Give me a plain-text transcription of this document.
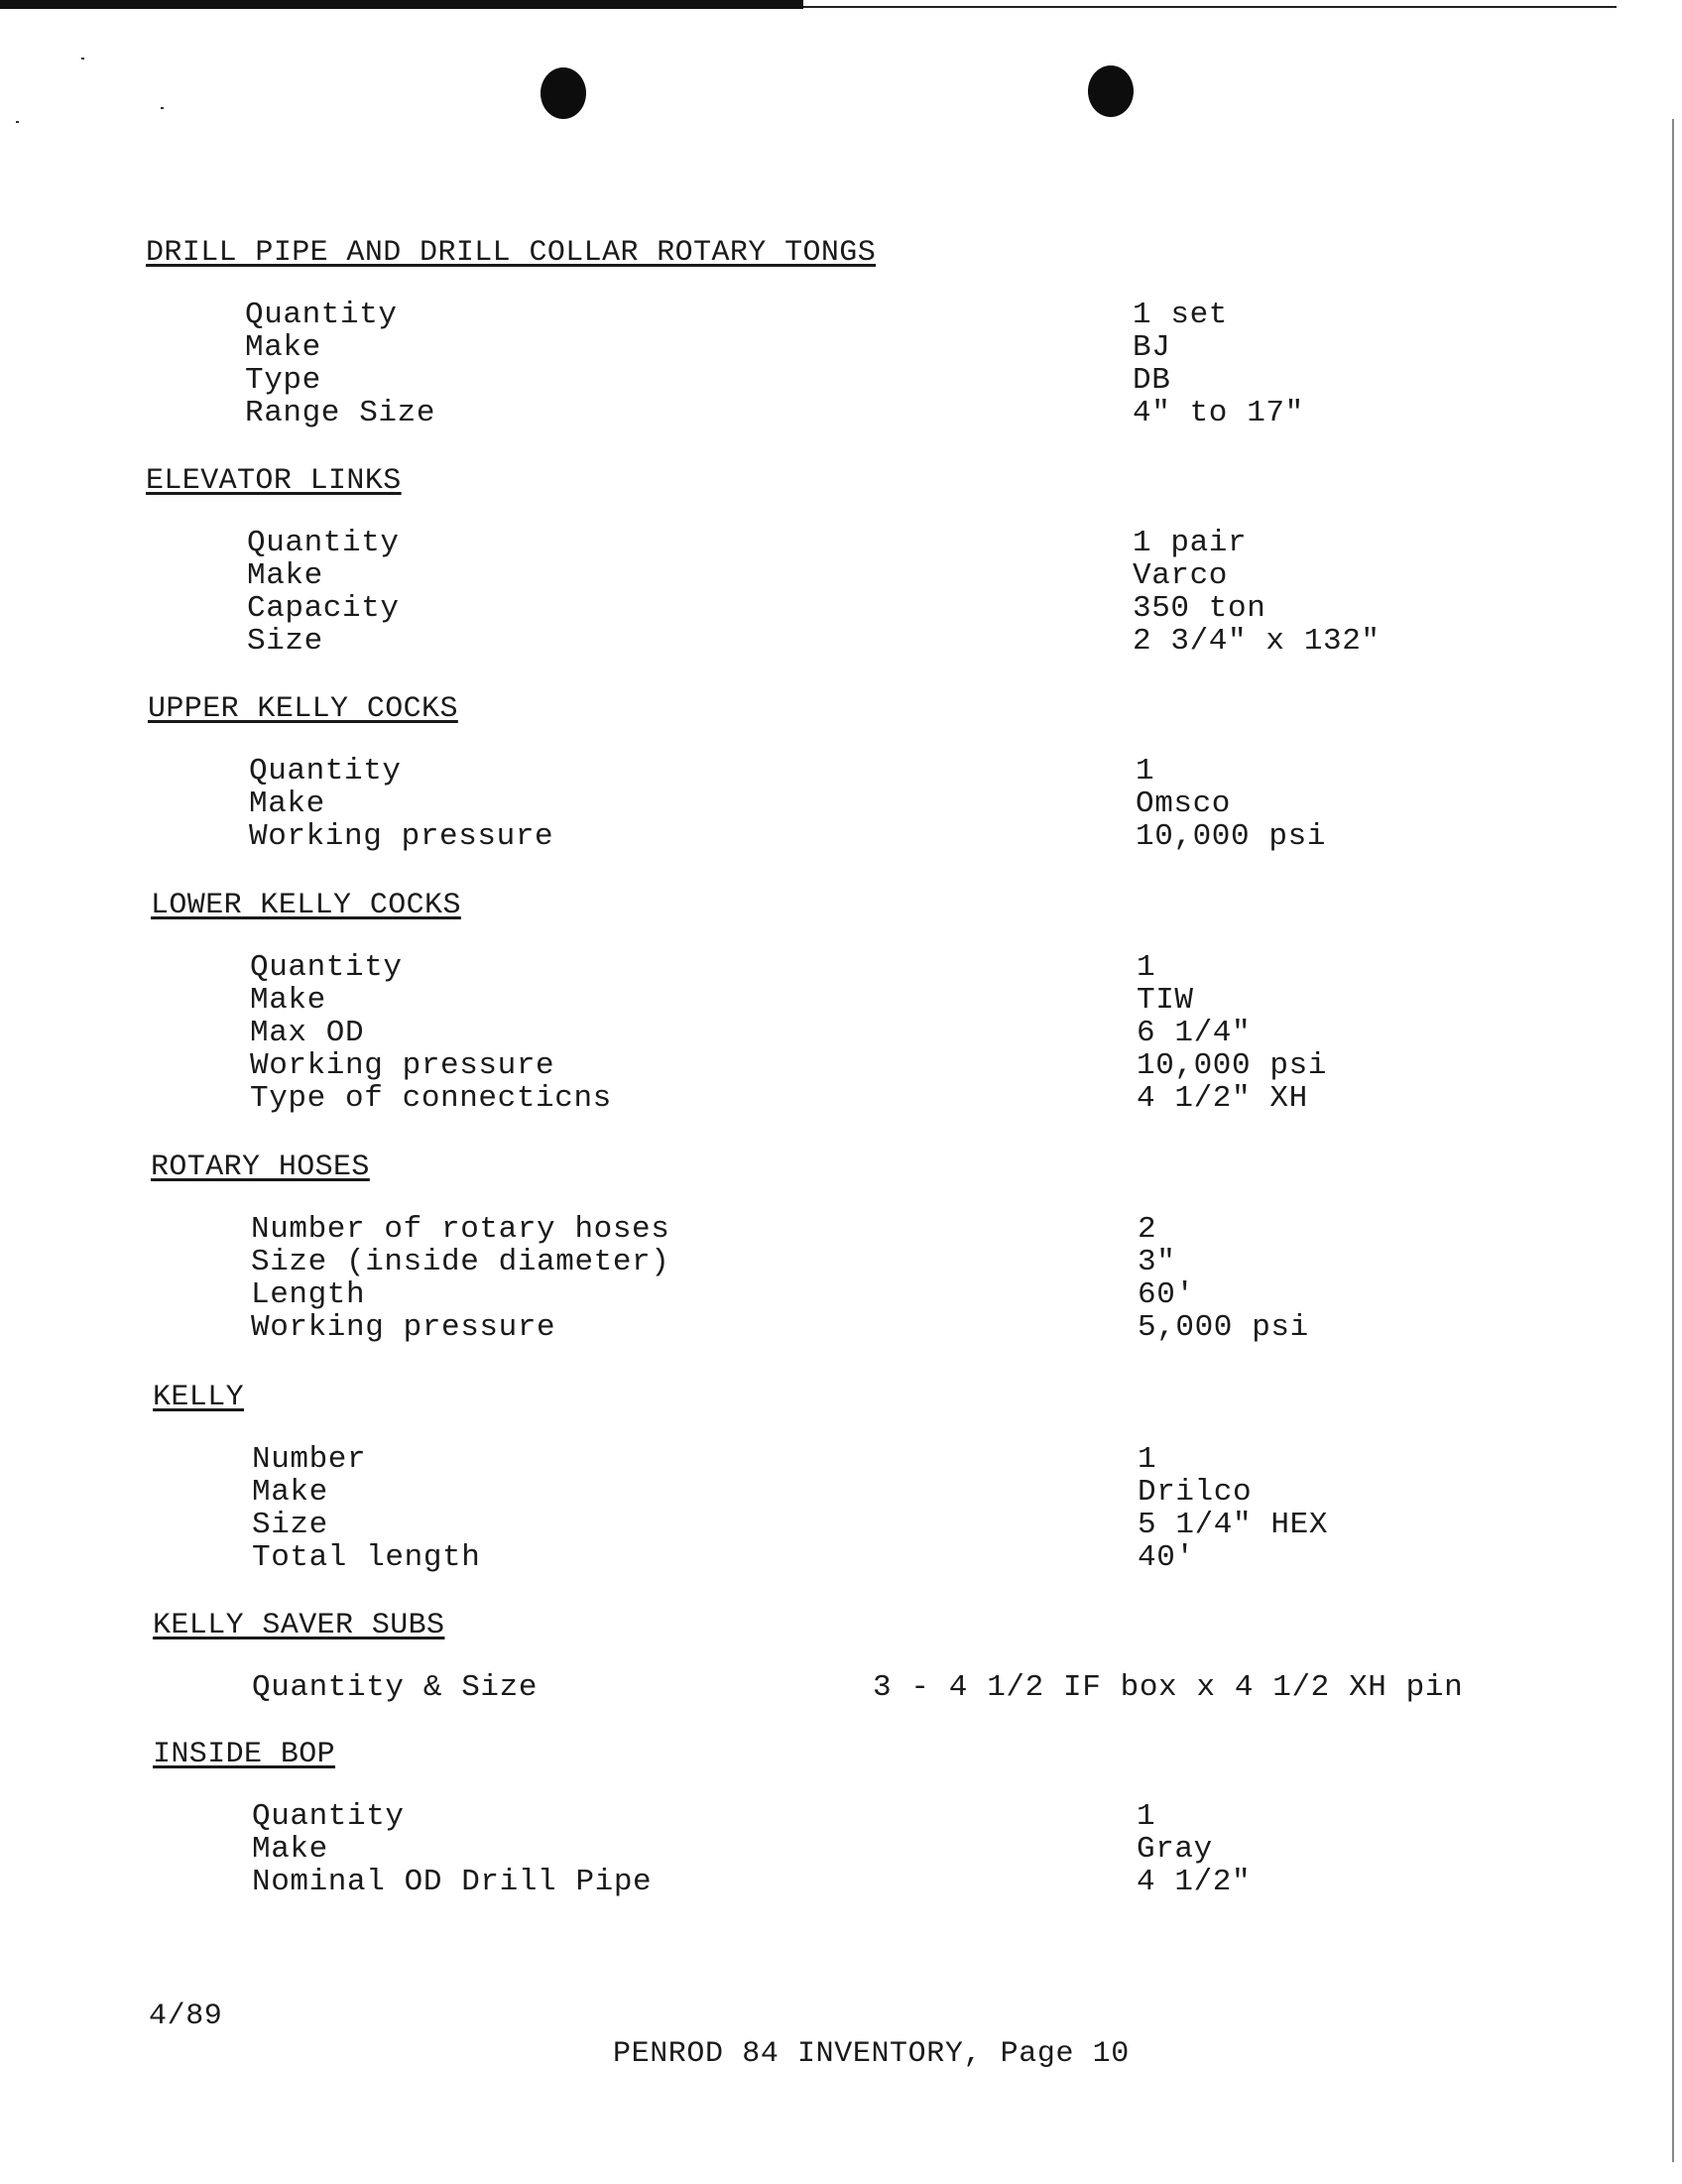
DRILL PIPE AND DRILL COLLAR ROTARY TONGS
Quantity	1 set
Make	BJ
Type	DB
Range Size	4" to 17"
ELEVATOR LINKS
Quantity	1 pair
Make	Varco
Capacity	350 ton
Size	2 3/4" x 132"
UPPER KELLY COCKS
Quantity	1
Make	Omsco
Working pressure	10,000 psi
LOWER KELLY COCKS
Quantity	1
Make	TIW
Max OD	6 1/4"
Working pressure	10,000 psi
Type of connecticns	4 1/2" XH
ROTARY HOSES
Number of rotary hoses	2
Size (inside diameter)	3"
Length	60'
Working pressure	5,000 psi
KELLY
Number	1
Make	Drilco
Size	5 1/4" HEX
Total length	40'
KELLY SAVER SUBS
Quantity & Size	3 - 4 1/2 IF box x 4 1/2 XH pin
INSIDE BOP
Quantity	1
Make	Gray
Nominal OD Drill Pipe	4 1/2"
4/89
PENROD 84 INVENTORY, Page 10
